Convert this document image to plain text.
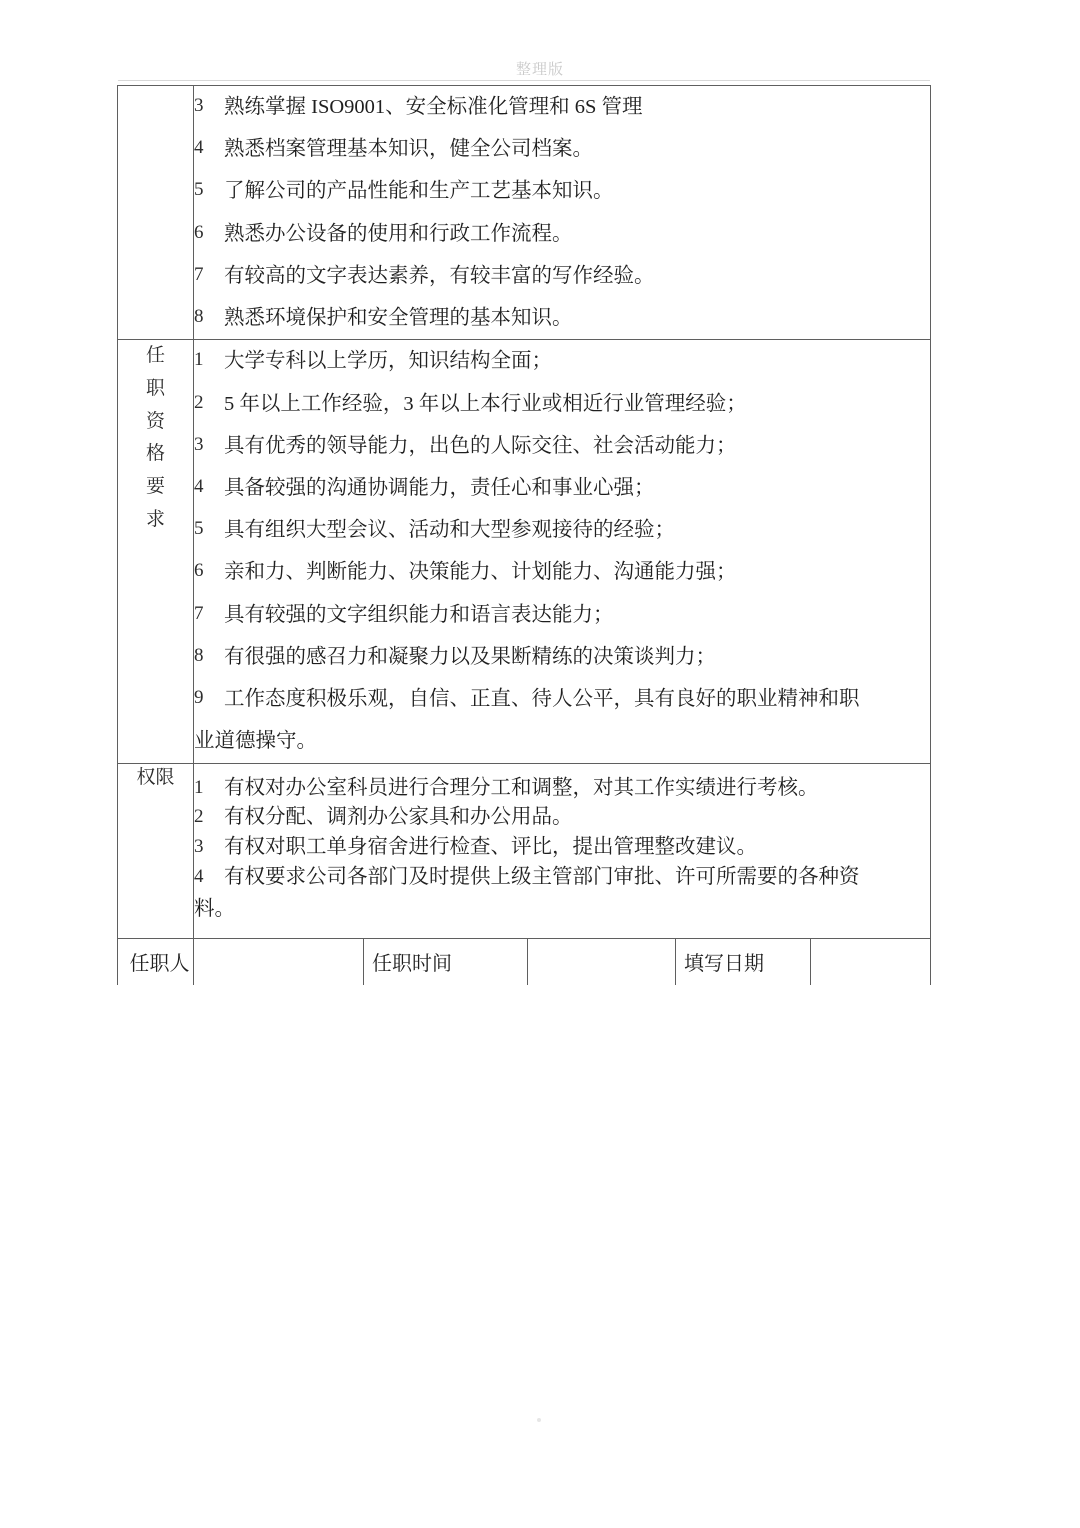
整理版

3	熟练掌握 ISO9001、安全标准化管理和 6S 管理
4	熟悉档案管理基本知识，健全公司档案。
5	了解公司的产品性能和生产工艺基本知识。
6	熟悉办公设备的使用和行政工作流程。
7	有较高的文字表达素养，有较丰富的写作经验。
8	熟悉环境保护和安全管理的基本知识。

任
职
资
格
要
求

1	大学专科以上学历，知识结构全面；
2	5 年以上工作经验，3 年以上本行业或相近行业管理经验；
3	具有优秀的领导能力，出色的人际交往、社会活动能力；
4	具备较强的沟通协调能力，责任心和事业心强；
5	具有组织大型会议、活动和大型参观接待的经验；
6	亲和力、判断能力、决策能力、计划能力、沟通能力强；
7	具有较强的文字组织能力和语言表达能力；
8	有很强的感召力和凝聚力以及果断精练的决策谈判力；
9	工作态度积极乐观，自信、正直、待人公平，具有良好的职业精神和职
业道德操守。

权限	1	有权对办公室科员进行合理分工和调整，对其工作实绩进行考核。
2	有权分配、调剂办公家具和办公用品。
3	有权对职工单身宿舍进行检查、评比，提出管理整改建议。
4	有权要求公司各部门及时提供上级主管部门审批、许可所需要的各种资
料。

任职人		任职时间		填写日期	
